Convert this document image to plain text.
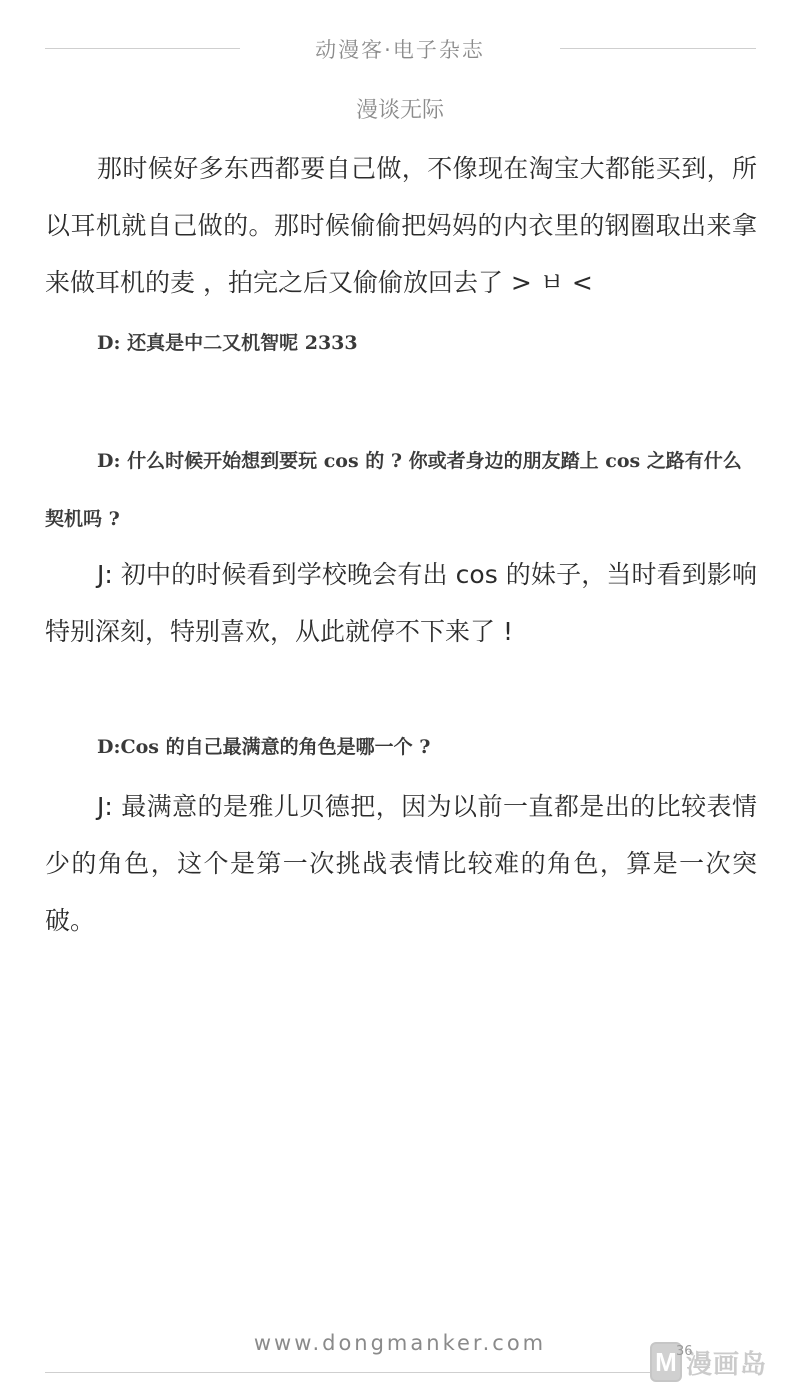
动漫客·电子杂志
漫谈无际

那时候好多东西都要自己做，不像现在淘宝大都能买到，所以耳机就自己做的。那时候偷偷把妈妈的内衣里的钢圈取出来拿来做耳机的麦 ，拍完之后又偷偷放回去了 > ㅂ <

D: 还真是中二又机智呢 2333

D: 什么时候开始想到要玩 cos 的 ? 你或者身边的朋友踏上 cos 之路有什么契机吗 ?

J: 初中的时候看到学校晚会有出 cos 的妹子，当时看到影响特别深刻，特别喜欢，从此就停不下来了 !

D:Cos 的自己最满意的角色是哪一个 ?

J: 最满意的是雅儿贝德把，因为以前一直都是出的比较表情少的角色，这个是第一次挑战表情比较难的角色，算是一次突破。

www.dongmanker.com
M 漫画岛
36
